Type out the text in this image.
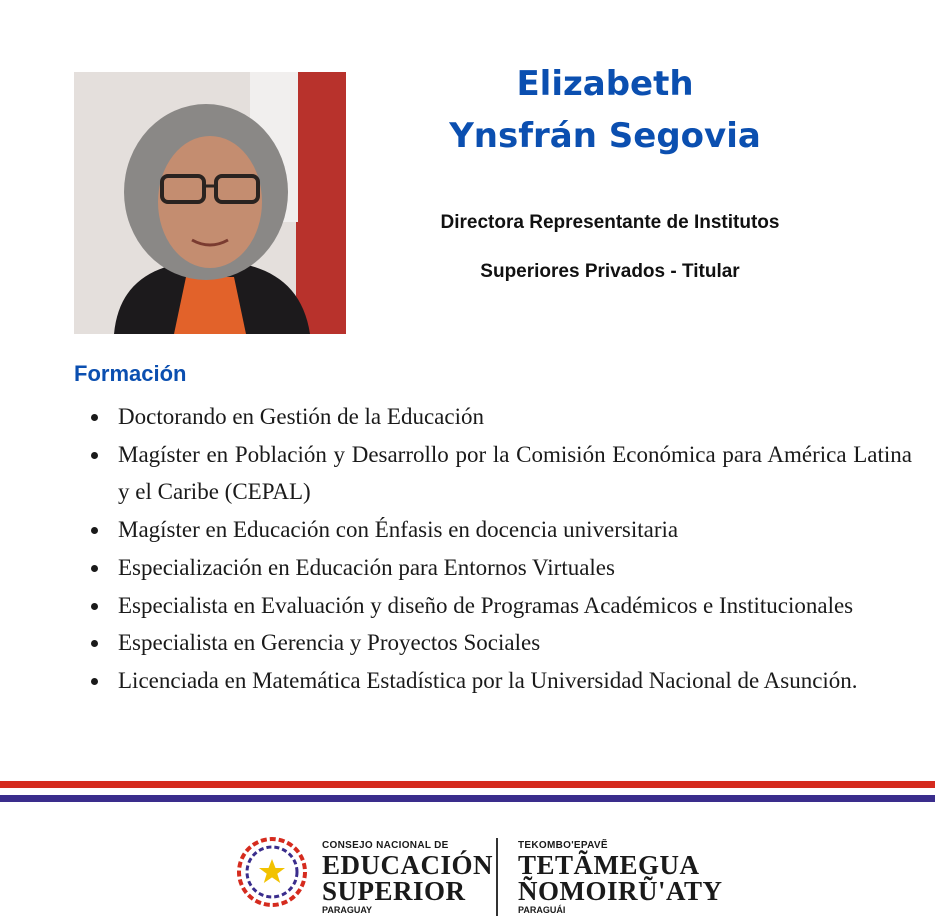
Elizabeth
Ynsfrán Segovia
Directora Representante de Institutos
Superiores Privados - Titular
Formación
Doctorando en Gestión de la Educación
Magíster en Población y Desarrollo por la Comisión Económica para América Latina y el Caribe (CEPAL)
Magíster en Educación con Énfasis en docencia universitaria
Especialización en Educación para Entornos Virtuales
Especialista en Evaluación y diseño de Programas Académicos e Institucionales
Especialista en Gerencia y Proyectos Sociales
Licenciada en Matemática Estadística por la Universidad Nacional de Asunción.
CONSEJO NACIONAL DE
EDUCACIÓN
SUPERIOR
PARAGUAY
TEKOMBO'EPAVẼ
TETÃMEGUA
ÑOMOIRŨ'ATY
PARAGUÁI
